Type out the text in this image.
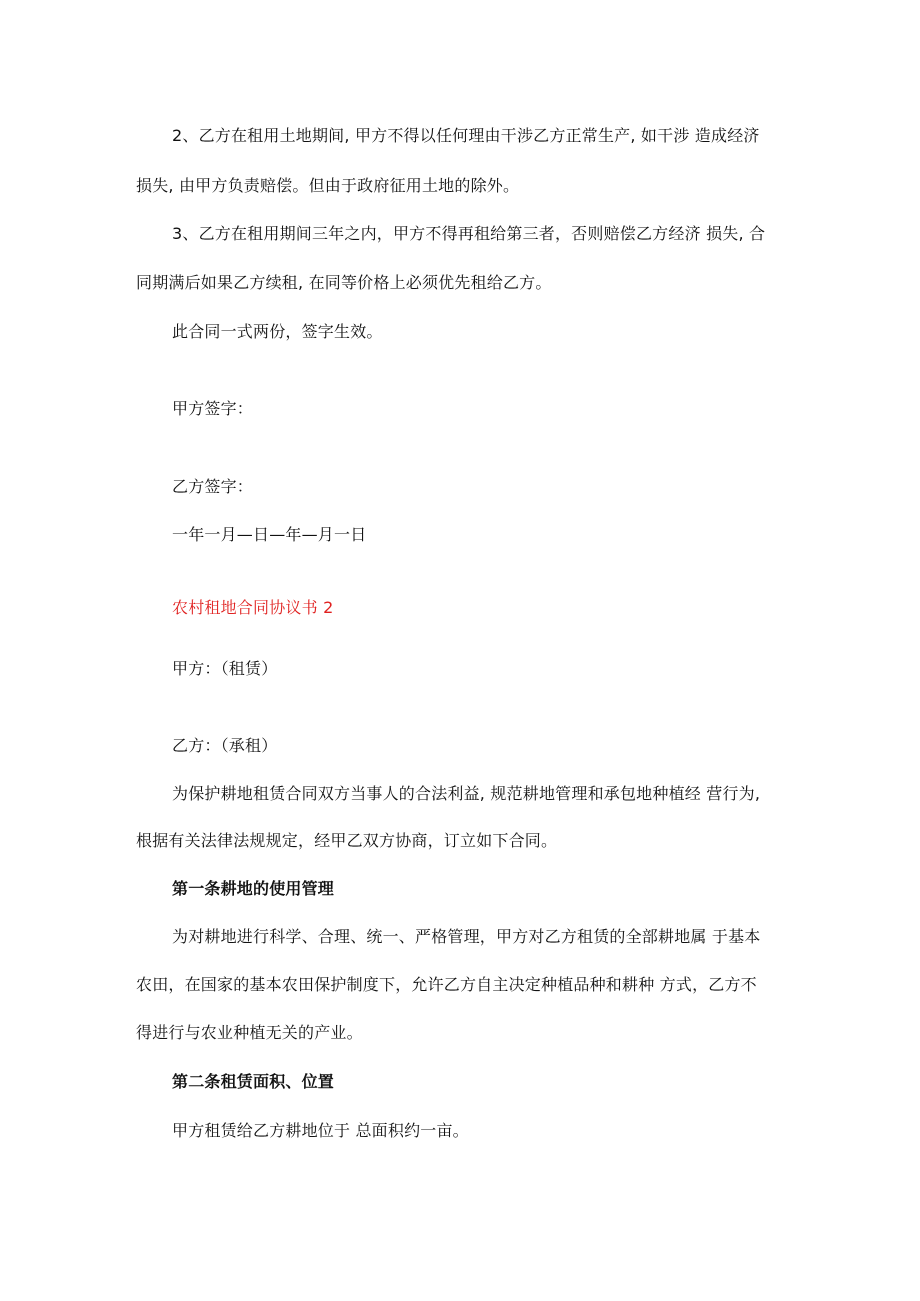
2、乙方在租用土地期间, 甲方不得以任何理由干涉乙方正常生产, 如干涉 造成经济
损失, 由甲方负责赔偿。但由于政府征用土地的除外。
3、乙方在租用期间三年之内，甲方不得再租给第三者，否则赔偿乙方经济 损失, 合
同期满后如果乙方续租, 在同等价格上必须优先租给乙方。
此合同一式两份，签字生效。
甲方签字：
乙方签字：
一年一月—日—年—月一日
农村租地合同协议书 2
甲方：（租赁）
乙方：（承租）
为保护耕地租赁合同双方当事人的合法利益, 规范耕地管理和承包地种植经 营行为,
根据有关法律法规规定，经甲乙双方协商，订立如下合同。
第一条耕地的使用管理
为对耕地进行科学、合理、统一、严格管理，甲方对乙方租赁的全部耕地属 于基本
农田，在国家的基本农田保护制度下，允许乙方自主决定种植品种和耕种 方式，乙方不
得进行与农业种植无关的产业。
第二条租赁面积、位置
甲方租赁给乙方耕地位于 总面积约一亩。
